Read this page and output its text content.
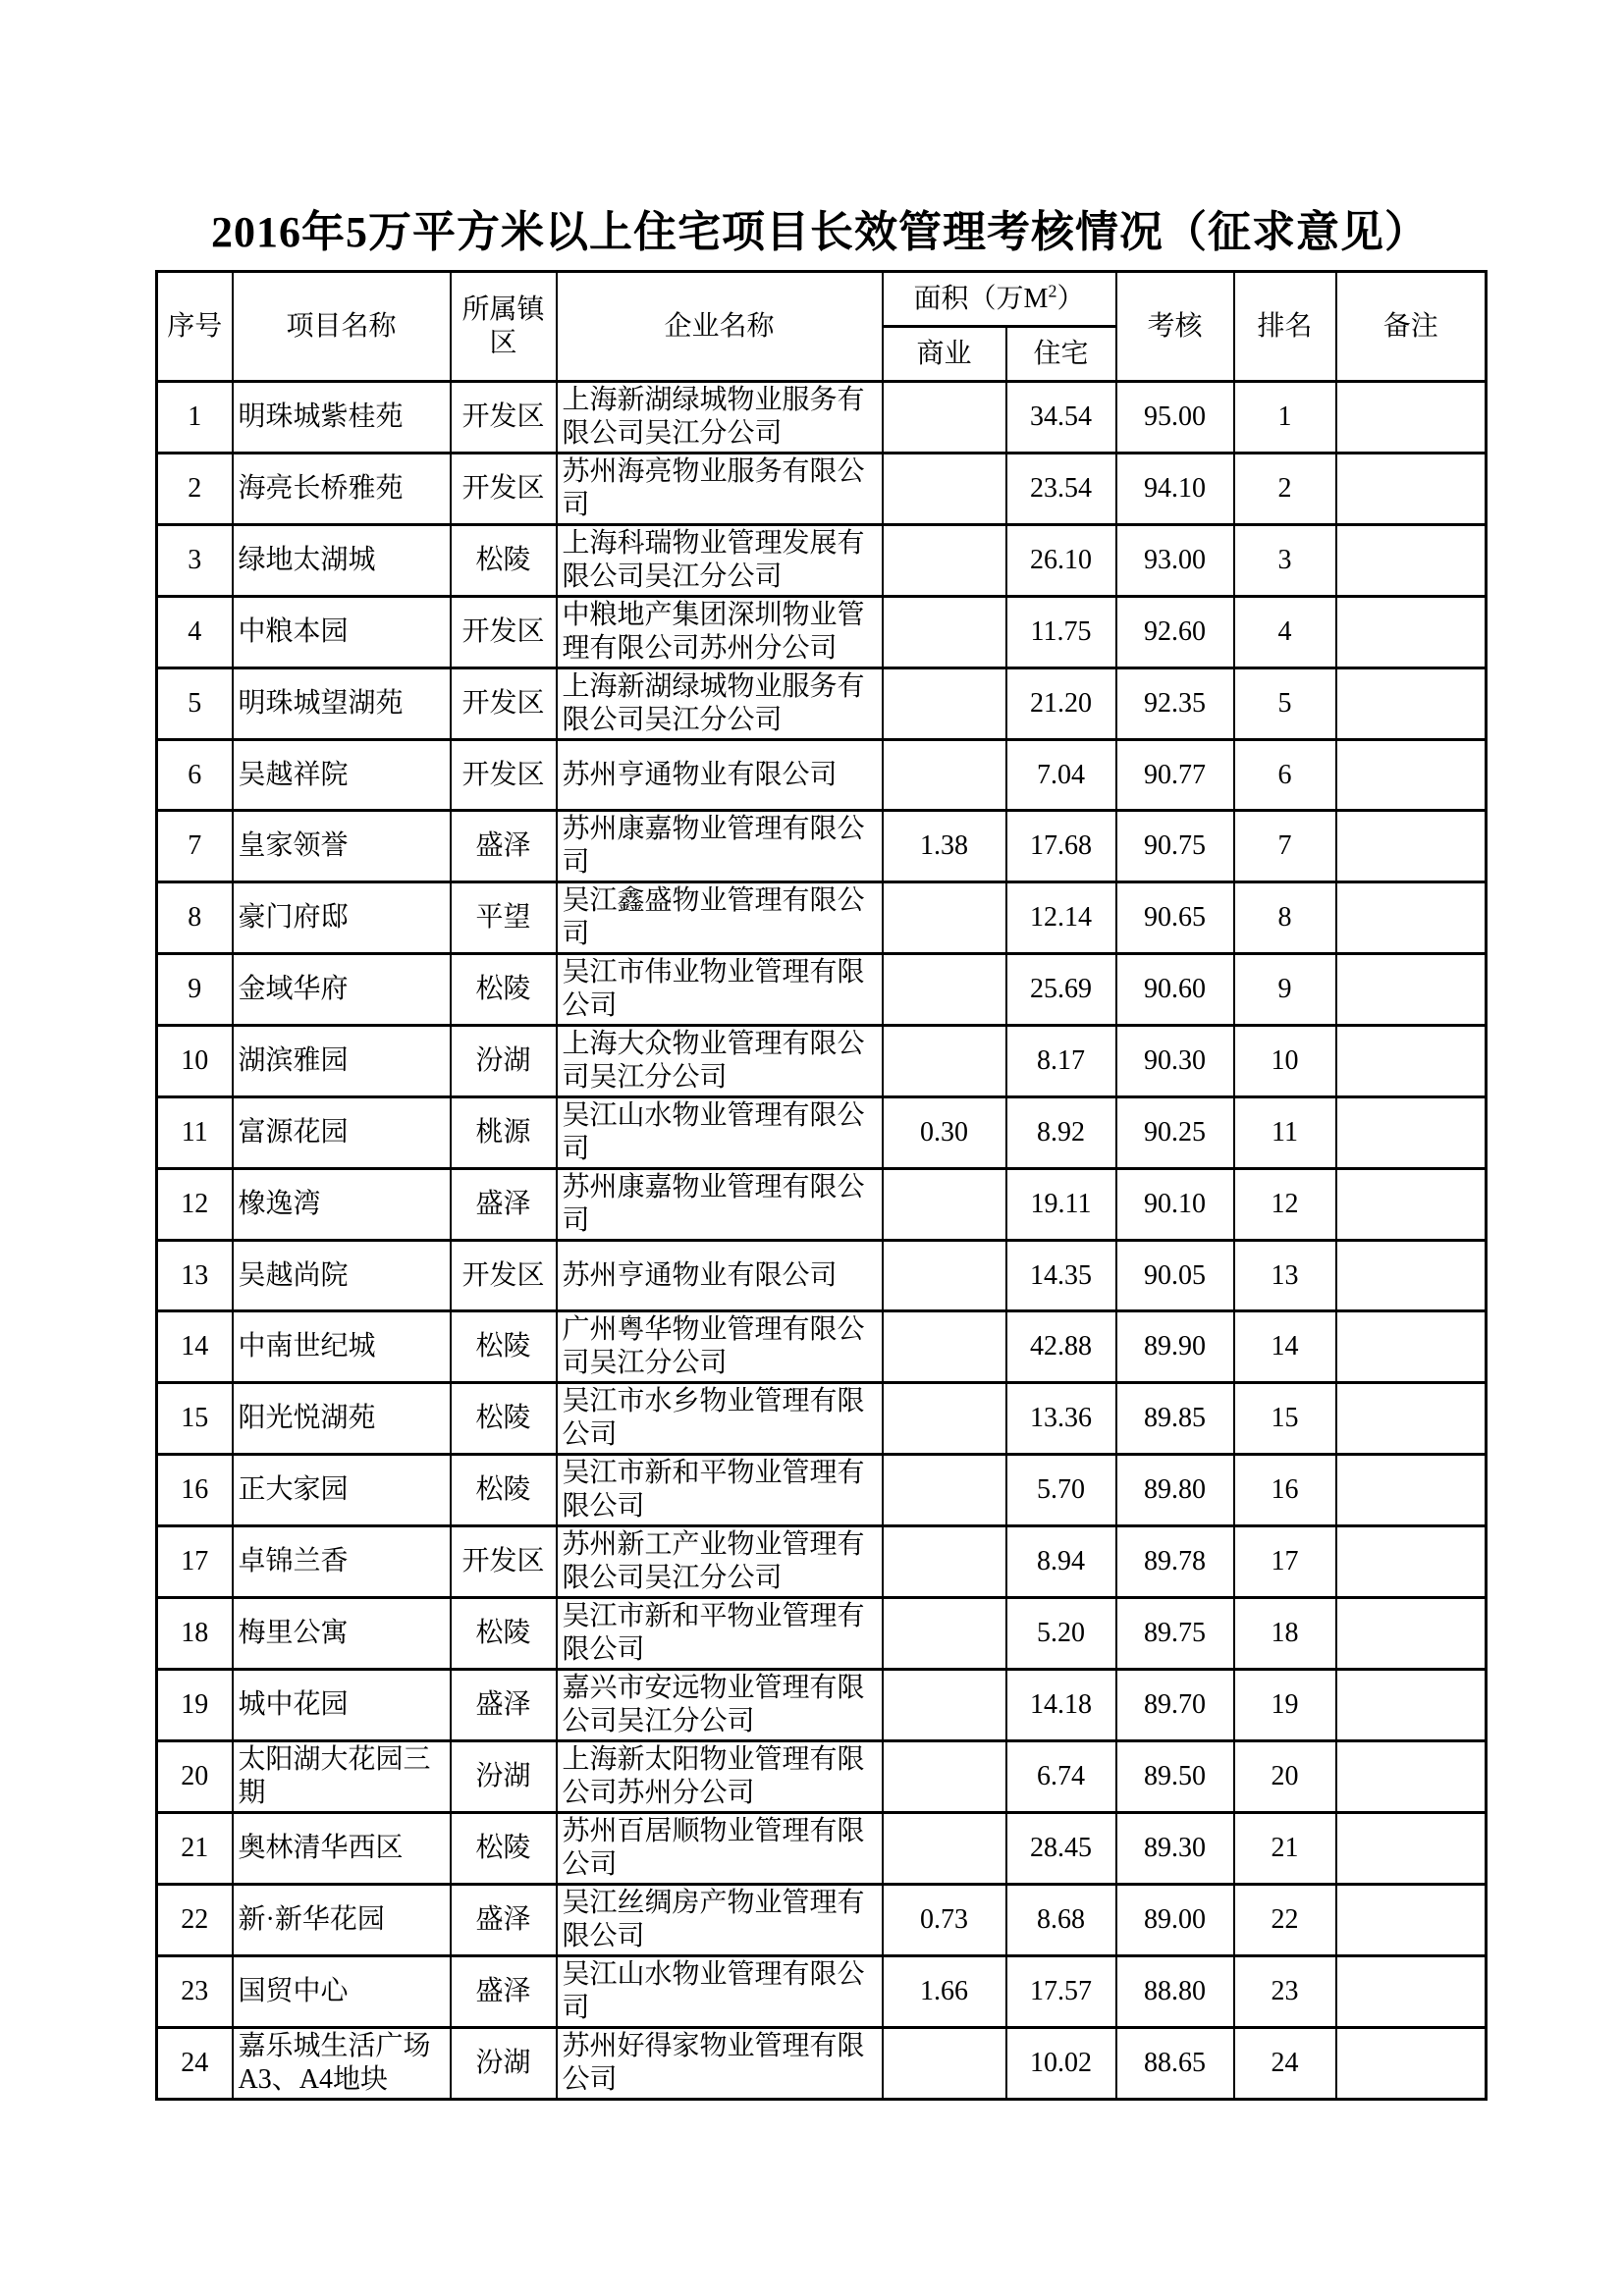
2016年5万平方米以上住宅项目长效管理考核情况（征求意见）
序号	项目名称	所属镇区	企业名称	面积（万$M^2$）		考核	排名	备注
				商业	住宅			
1	明珠城紫桂苑	开发区	上海新湖绿城物业服务有限公司吴江分公司		34.54	95.00	1	
2	海亮长桥雅苑	开发区	苏州海亮物业服务有限公司		23.54	94.10	2	
3	绿地太湖城	松陵	上海科瑞物业管理发展有限公司吴江分公司		26.10	93.00	3	
4	中粮本园	开发区	中粮地产集团深圳物业管理有限公司苏州分公司		11.75	92.60	4	
5	明珠城望湖苑	开发区	上海新湖绿城物业服务有限公司吴江分公司		21.20	92.35	5	
6	吴越祥院	开发区	苏州亨通物业有限公司		7.04	90.77	6	
7	皇家领誉	盛泽	苏州康嘉物业管理有限公司	1.38	17.68	90.75	7	
8	豪门府邸	平望	吴江鑫盛物业管理有限公司		12.14	90.65	8	
9	金域华府	松陵	吴江市伟业物业管理有限公司		25.69	90.60	9	
10	湖滨雅园	汾湖	上海大众物业管理有限公司吴江分公司		8.17	90.30	10	
11	富源花园	桃源	吴江山水物业管理有限公司	0.30	8.92	90.25	11	
12	橡逸湾	盛泽	苏州康嘉物业管理有限公司		19.11	90.10	12	
13	吴越尚院	开发区	苏州亨通物业有限公司		14.35	90.05	13	
14	中南世纪城	松陵	广州粤华物业管理有限公司吴江分公司		42.88	89.90	14	
15	阳光悦湖苑	松陵	吴江市水乡物业管理有限公司		13.36	89.85	15	
16	正大家园	松陵	吴江市新和平物业管理有限公司		5.70	89.80	16	
17	卓锦兰香	开发区	苏州新工产业物业管理有限公司吴江分公司		8.94	89.78	17	
18	梅里公寓	松陵	吴江市新和平物业管理有限公司		5.20	89.75	18	
19	城中花园	盛泽	嘉兴市安远物业管理有限公司吴江分公司		14.18	89.70	19	
20	太阳湖大花园三期	汾湖	上海新太阳物业管理有限公司苏州分公司		6.74	89.50	20	
21	奥林清华西区	松陵	苏州百居顺物业管理有限公司		28.45	89.30	21	
22	新·新华花园	盛泽	吴江丝绸房产物业管理有限公司	0.73	8.68	89.00	22	
23	国贸中心	盛泽	吴江山水物业管理有限公司	1.66	17.57	88.80	23	
24	嘉乐城生活广场A3、A4地块	汾湖	苏州好得家物业管理有限公司		10.02	88.65	24	
